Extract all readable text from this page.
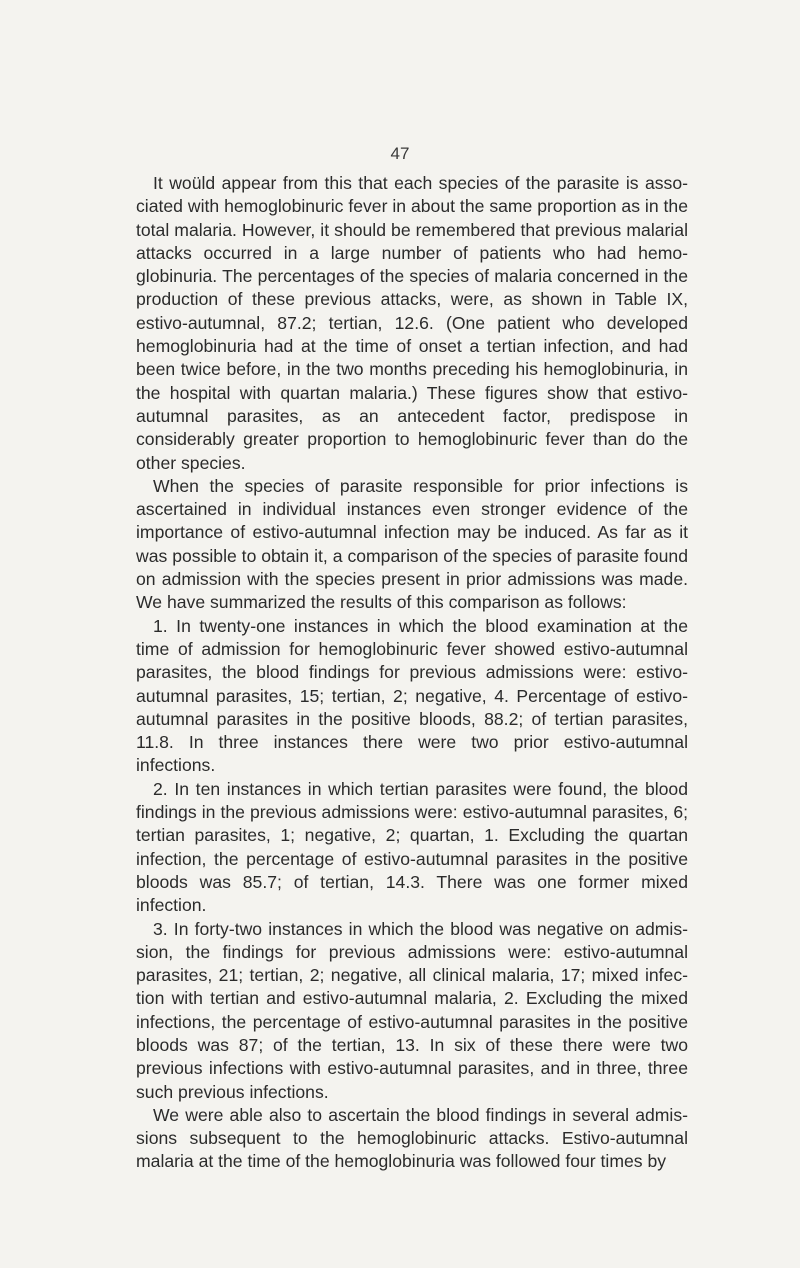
47

It woüld appear from this that each species of the parasite is associated with hemoglobinuric fever in about the same proportion as in the total malaria. However, it should be remembered that previous malarial attacks occurred in a large number of patients who had hemoglobinuria. The percentages of the species of malaria concerned in the production of these previous attacks, were, as shown in Table IX, estivo-autumnal, 87.2; tertian, 12.6. (One patient who developed hemoglobinuria had at the time of onset a tertian infection, and had been twice before, in the two months preceding his hemoglobinuria, in the hospital with quartan malaria.) These figures show that estivo-autumnal parasites, as an antecedent factor, predispose in considerably greater proportion to hemoglobinuric fever than do the other species.

When the species of parasite responsible for prior infections is ascertained in individual instances even stronger evidence of the importance of estivo-autumnal infection may be induced. As far as it was possible to obtain it, a comparison of the species of parasite found on admission with the species present in prior admissions was made. We have summarized the results of this comparison as follows:

1. In twenty-one instances in which the blood examination at the time of admission for hemoglobinuric fever showed estivo-autumnal parasites, the blood findings for previous admissions were: estivo-autumnal parasites, 15; tertian, 2; negative, 4. Percentage of estivo-autumnal parasites in the positive bloods, 88.2; of tertian parasites, 11.8. In three instances there were two prior estivo-autumnal infections.

2. In ten instances in which tertian parasites were found, the blood findings in the previous admissions were: estivo-autumnal parasites, 6; tertian parasites, 1; negative, 2; quartan, 1. Excluding the quartan infection, the percentage of estivo-autumnal parasites in the positive bloods was 85.7; of tertian, 14.3. There was one former mixed infection.

3. In forty-two instances in which the blood was negative on admission, the findings for previous admissions were: estivo-autumnal parasites, 21; tertian, 2; negative, all clinical malaria, 17; mixed infection with tertian and estivo-autumnal malaria, 2. Excluding the mixed infections, the percentage of estivo-autumnal parasites in the positive bloods was 87; of the tertian, 13. In six of these there were two previous infections with estivo-autumnal parasites, and in three, three such previous infections.

We were able also to ascertain the blood findings in several admissions subsequent to the hemoglobinuric attacks. Estivo-autumnal malaria at the time of the hemoglobinuria was followed four times by
